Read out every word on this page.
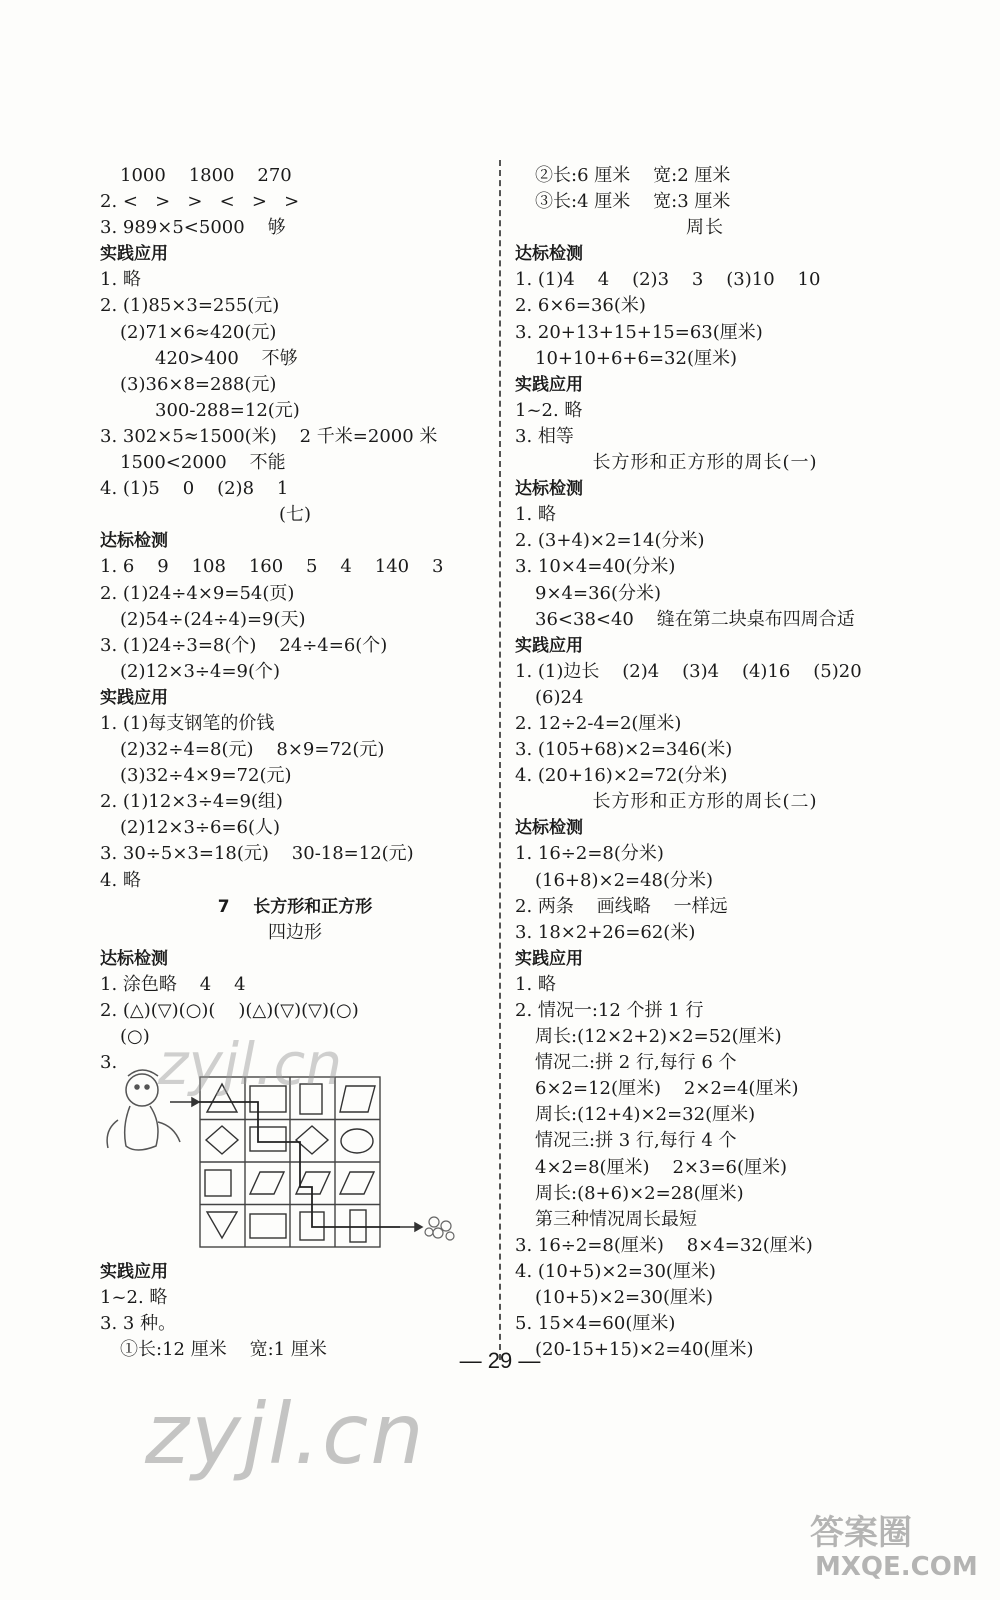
1000    1800    270
2. <   >   >   <   >   >
3. 989×5<5000    够
实践应用
1. 略
2. (1)85×3=255(元)
(2)71×6≈420(元)
420>400    不够
(3)36×8=288(元)
300-288=12(元)
3. 302×5≈1500(米)    2 千米=2000 米
1500<2000    不能
4. (1)5    0    (2)8    1
(七)
达标检测
1. 6    9    108    160    5    4    140    3
2. (1)24÷4×9=54(页)
(2)54÷(24÷4)=9(天)
3. (1)24÷3=8(个)    24÷4=6(个)
(2)12×3÷4=9(个)
实践应用
1. (1)每支钢笔的价钱
(2)32÷4=8(元)    8×9=72(元)
(3)32÷4×9=72(元)
2. (1)12×3÷4=9(组)
(2)12×3÷6=6(人)
3. 30÷5×3=18(元)    30-18=12(元)
4. 略
7    长方形和正方形
四边形
达标检测
1. 涂色略    4    4
2. (△)(▽)(○)(    )(△)(▽)(▽)(○)
(○)
3.
实践应用
1~2. 略
3. 3 种。
①长:12 厘米    宽:1 厘米
②长:6 厘米    宽:2 厘米
③长:4 厘米    宽:3 厘米
周长
达标检测
1. (1)4    4    (2)3    3    (3)10    10
2. 6×6=36(米)
3. 20+13+15+15=63(厘米)
10+10+6+6=32(厘米)
实践应用
1~2. 略
3. 相等
长方形和正方形的周长(一)
达标检测
1. 略
2. (3+4)×2=14(分米)
3. 10×4=40(分米)
9×4=36(分米)
36<38<40    缝在第二块桌布四周合适
实践应用
1. (1)边长    (2)4    (3)4    (4)16    (5)20
(6)24
2. 12÷2-4=2(厘米)
3. (105+68)×2=346(米)
4. (20+16)×2=72(分米)
长方形和正方形的周长(二)
达标检测
1. 16÷2=8(分米)
(16+8)×2=48(分米)
2. 两条    画线略    一样远
3. 18×2+26=62(米)
实践应用
1. 略
2. 情况一:12 个拼 1 行
周长:(12×2+2)×2=52(厘米)
情况二:拼 2 行,每行 6 个
6×2=12(厘米)    2×2=4(厘米)
周长:(12+4)×2=32(厘米)
情况三:拼 3 行,每行 4 个
4×2=8(厘米)    2×3=6(厘米)
周长:(8+6)×2=28(厘米)
第三种情况周长最短
3. 16÷2=8(厘米)    8×4=32(厘米)
4. (10+5)×2=30(厘米)
(10+5)×2=30(厘米)
5. 15×4=60(厘米)
(20-15+15)×2=40(厘米)
— 29 —
zyjl.cn
zyjl.cn
答案圈
MXQE.COM
